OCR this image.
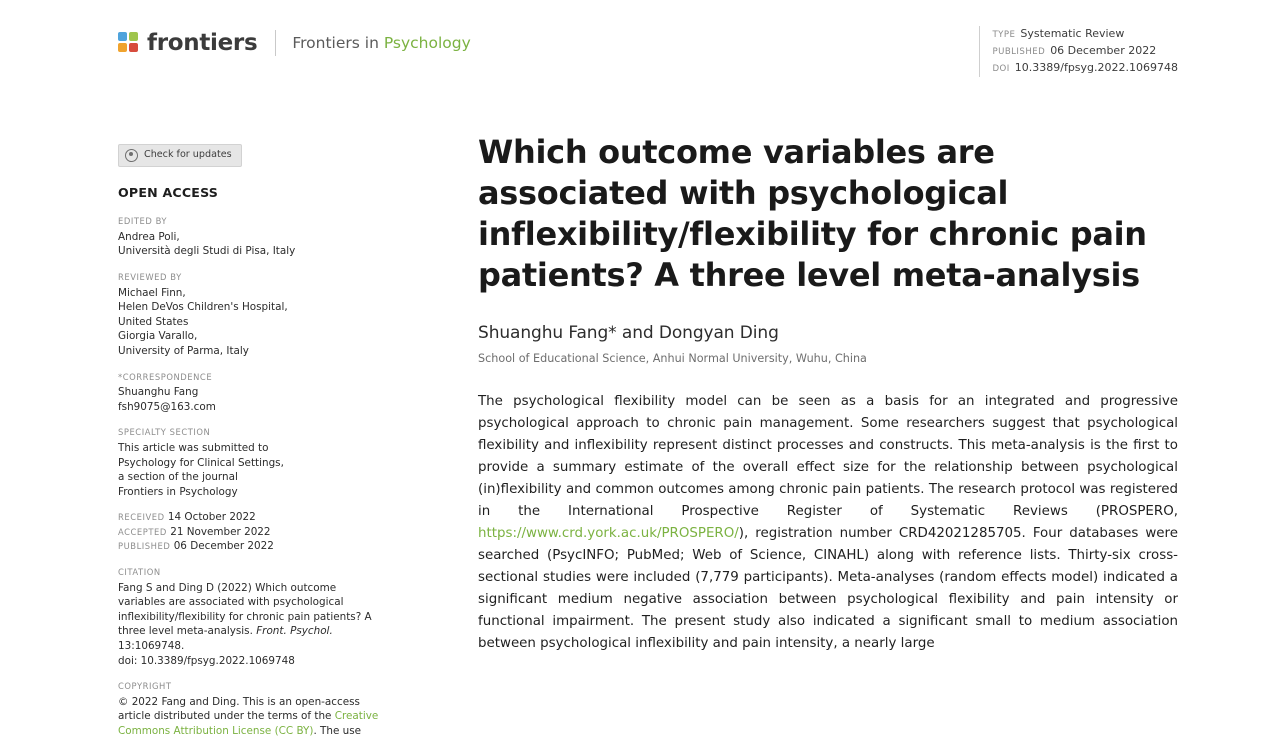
frontiers Frontiers in Psychology	TYPE Systematic Review
PUBLISHED 06 December 2022
DOI 10.3389/fpsyg.2022.1069748
Check for updates
OPEN ACCESS
EDITED BY
Andrea Poli,
Università degli Studi di Pisa, Italy
REVIEWED BY
Michael Finn,
Helen DeVos Children's Hospital,
United States
Giorgia Varallo,
University of Parma, Italy
*CORRESPONDENCE
Shuanghu Fang
fsh9075@163.com
SPECIALTY SECTION
This article was submitted to
Psychology for Clinical Settings,
a section of the journal
Frontiers in Psychology
RECEIVED 14 October 2022
ACCEPTED 21 November 2022
PUBLISHED 06 December 2022
CITATION
Fang S and Ding D (2022) Which outcome variables are associated with psychological inflexibility/flexibility for chronic pain patients? A three level meta-analysis. Front. Psychol. 13:1069748.
doi: 10.3389/fpsyg.2022.1069748
COPYRIGHT
© 2022 Fang and Ding. This is an open-access article distributed under the terms of the Creative Commons Attribution License (CC BY). The use
Which outcome variables are associated with psychological inflexibility/flexibility for chronic pain patients? A three level meta-analysis
Shuanghu Fang* and Dongyan Ding
School of Educational Science, Anhui Normal University, Wuhu, China
The psychological flexibility model can be seen as a basis for an integrated and progressive psychological approach to chronic pain management. Some researchers suggest that psychological flexibility and inflexibility represent distinct processes and constructs. This meta-analysis is the first to provide a summary estimate of the overall effect size for the relationship between psychological (in)flexibility and common outcomes among chronic pain patients. The research protocol was registered in the International Prospective Register of Systematic Reviews (PROSPERO, https://www.crd.york.ac.uk/PROSPERO/), registration number CRD42021285705. Four databases were searched (PsycINFO; PubMed; Web of Science, CINAHL) along with reference lists. Thirty-six cross-sectional studies were included (7,779 participants). Meta-analyses (random effects model) indicated a significant medium negative association between psychological flexibility and pain intensity or functional impairment. The present study also indicated a significant small to medium association between psychological inflexibility and pain intensity, a nearly large
